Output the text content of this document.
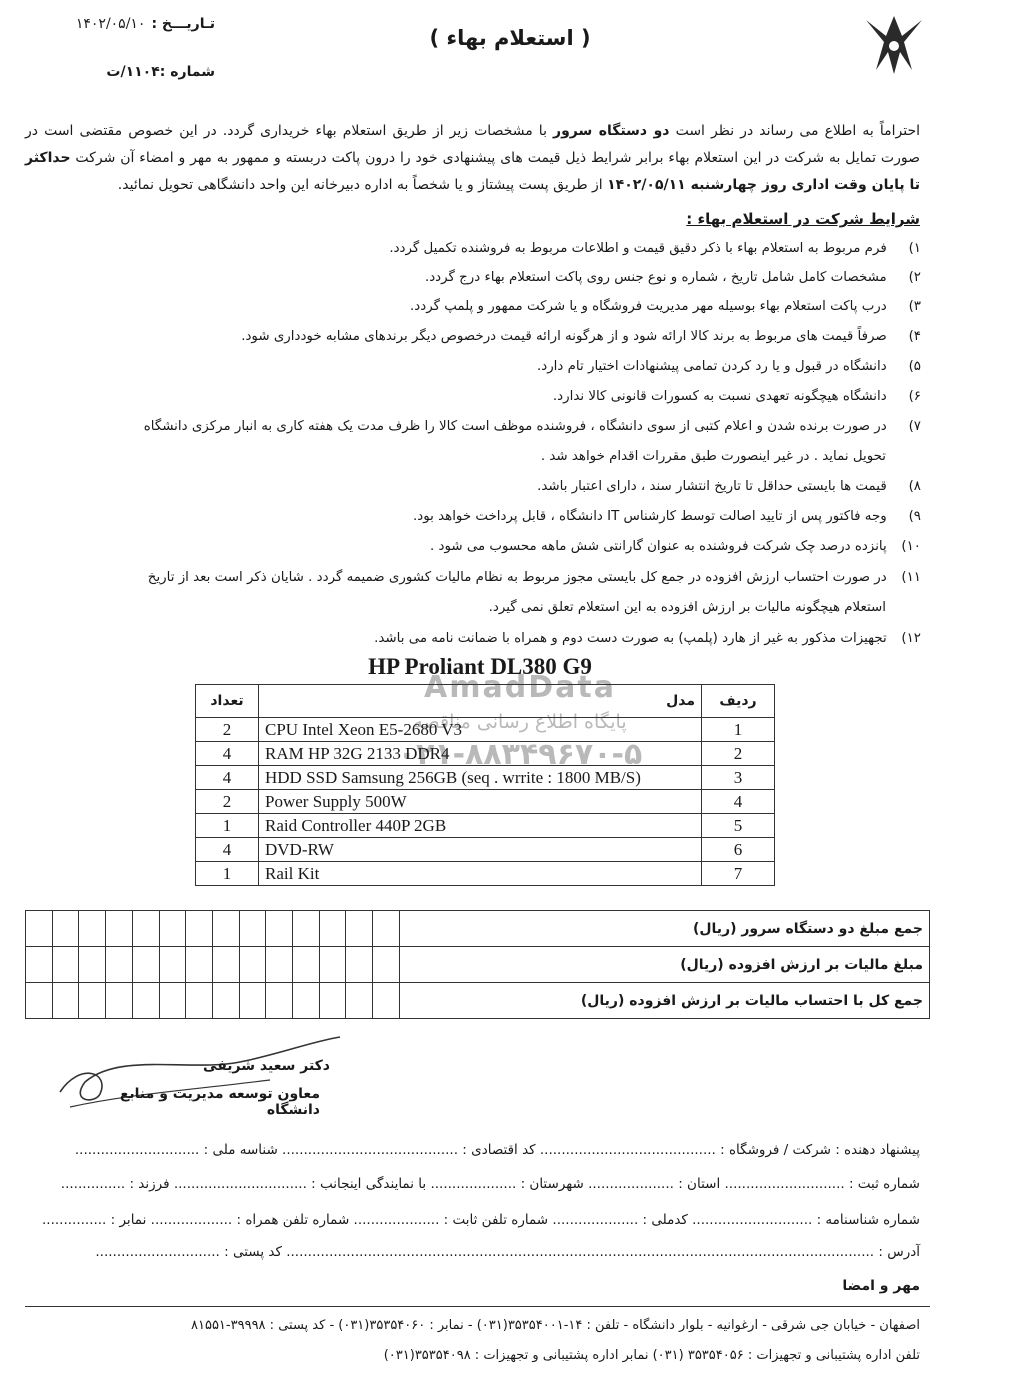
( استعلام بهاء )
تـاریـــخ :۱۴۰۲/۰۵/۱۰
شماره :۱۱۰۴/ت
احتراماً به اطلاع می رساند در نظر است دو دستگاه سرور با مشخصات زیر از طریق استعلام بهاء خریداری گردد. در این خصوص مقتضی است در صورت تمایل به شرکت در این استعلام بهاء برابر شرایط ذیل قیمت های پیشنهادی خود را درون پاکت دربسته و ممهور به مهر و امضاء آن شرکت حداکثر تا پایان وقت اداری روز چهارشنبه ۱۴۰۲/۰۵/۱۱ از طریق پست پیشتاز و یا شخصاً به اداره دبیرخانه این واحد دانشگاهی تحویل نمائید.
شرایط شرکت در استعلام بهاء :
۱) فرم مربوط به استعلام بهاء با ذکر دقیق قیمت و اطلاعات مربوط به فروشنده تکمیل گردد.
۲) مشخصات کامل شامل تاریخ ، شماره و نوع جنس روی پاکت استعلام بهاء درج گردد.
۳) درب پاکت استعلام بهاء بوسیله مهر مدیریت فروشگاه و یا شرکت ممهور و پلمپ گردد.
۴) صرفاً قیمت های مربوط به برند کالا ارائه شود و از هرگونه ارائه قیمت درخصوص دیگر برندهای مشابه خودداری شود.
۵) دانشگاه در قبول و یا رد کردن تمامی پیشنهادات اختیار تام دارد.
۶) دانشگاه هیچگونه تعهدی نسبت به کسورات قانونی کالا ندارد.
۷) در صورت برنده شدن و اعلام کتبی از سوی دانشگاه ، فروشنده موظف است کالا را ظرف مدت یک هفته کاری به انبار مرکزی دانشگاه
تحویل نماید . در غیر اینصورت طبق مقررات اقدام خواهد شد .
۸) قیمت ها بایستی حداقل تا تاریخ انتشار سند ، دارای اعتبار باشد.
۹) وجه فاکتور پس از تایید اصالت توسط کارشناس IT دانشگاه ، قابل پرداخت خواهد بود.
۱۰) پانزده درصد چک شرکت فروشنده به عنوان گارانتی شش ماهه محسوب می شود .
۱۱) در صورت احتساب ارزش افزوده در جمع کل بایستی مجوز مربوط به نظام مالیات کشوری ضمیمه گردد . شایان ذکر است بعد از تاریخ
استعلام هیچگونه مالیات بر ارزش افزوده به این استعلام تعلق نمی گیرد.
۱۲) تجهیزات مذکور به غیر از هارد (پلمپ) به صورت دست دوم و همراه با ضمانت نامه می باشد.
AmadData
پایگاه اطلاع رسانی مناقصه
۰۲۱-۸۸۳۴۹۶۷۰-۵
HP Proliant DL380 G9
تعداد	مدل	ردیف
2	CPU Intel Xeon E5-2680 V3	1
4	RAM HP 32G 2133 DDR4	2
4	HDD SSD Samsung 256GB (seq . wrrite : 1800 MB/S)	3
2	Power Supply 500W	4
1	Raid Controller 440P 2GB	5
4	DVD-RW	6
1	Rail Kit	7
														جمع مبلغ دو دستگاه سرور (ریال)
														مبلغ مالیات بر ارزش افزوده (ریال)
														جمع کل با احتساب مالیات بر ارزش افزوده (ریال)
دکتر سعید شریفی
معاون توسعه مدیریت و منابع دانشگاه
پیشنهاد دهنده : شرکت / فروشگاه : ......................................... کد اقتصادی : ......................................... شناسه ملی : .............................
شماره ثبت : ............................ استان : .................... شهرستان : .................... با نمایندگی اینجانب : ............................... فرزند : ...............
شماره شناسنامه : ............................ کدملی : .................... شماره تلفن ثابت : .................... شماره تلفن همراه : ................... نمابر : ...............
آدرس : ......................................................................................................................................... کد پستی : .............................
مهر و امضا
اصفهان - خیابان جی شرقی - ارغوانیه - بلوار دانشگاه - تلفن : ۱۴-۳۵۳۵۴۰۰۱(۰۳۱) - نمابر : ۳۵۳۵۴۰۶۰(۰۳۱) - کد پستی : ۳۹۹۹۸-۸۱۵۵۱
تلفن اداره پشتیبانی و تجهیزات : ۳۵۳۵۴۰۵۶ (۰۳۱) نمابر اداره پشتیبانی و تجهیزات : ۳۵۳۵۴۰۹۸(۰۳۱)
